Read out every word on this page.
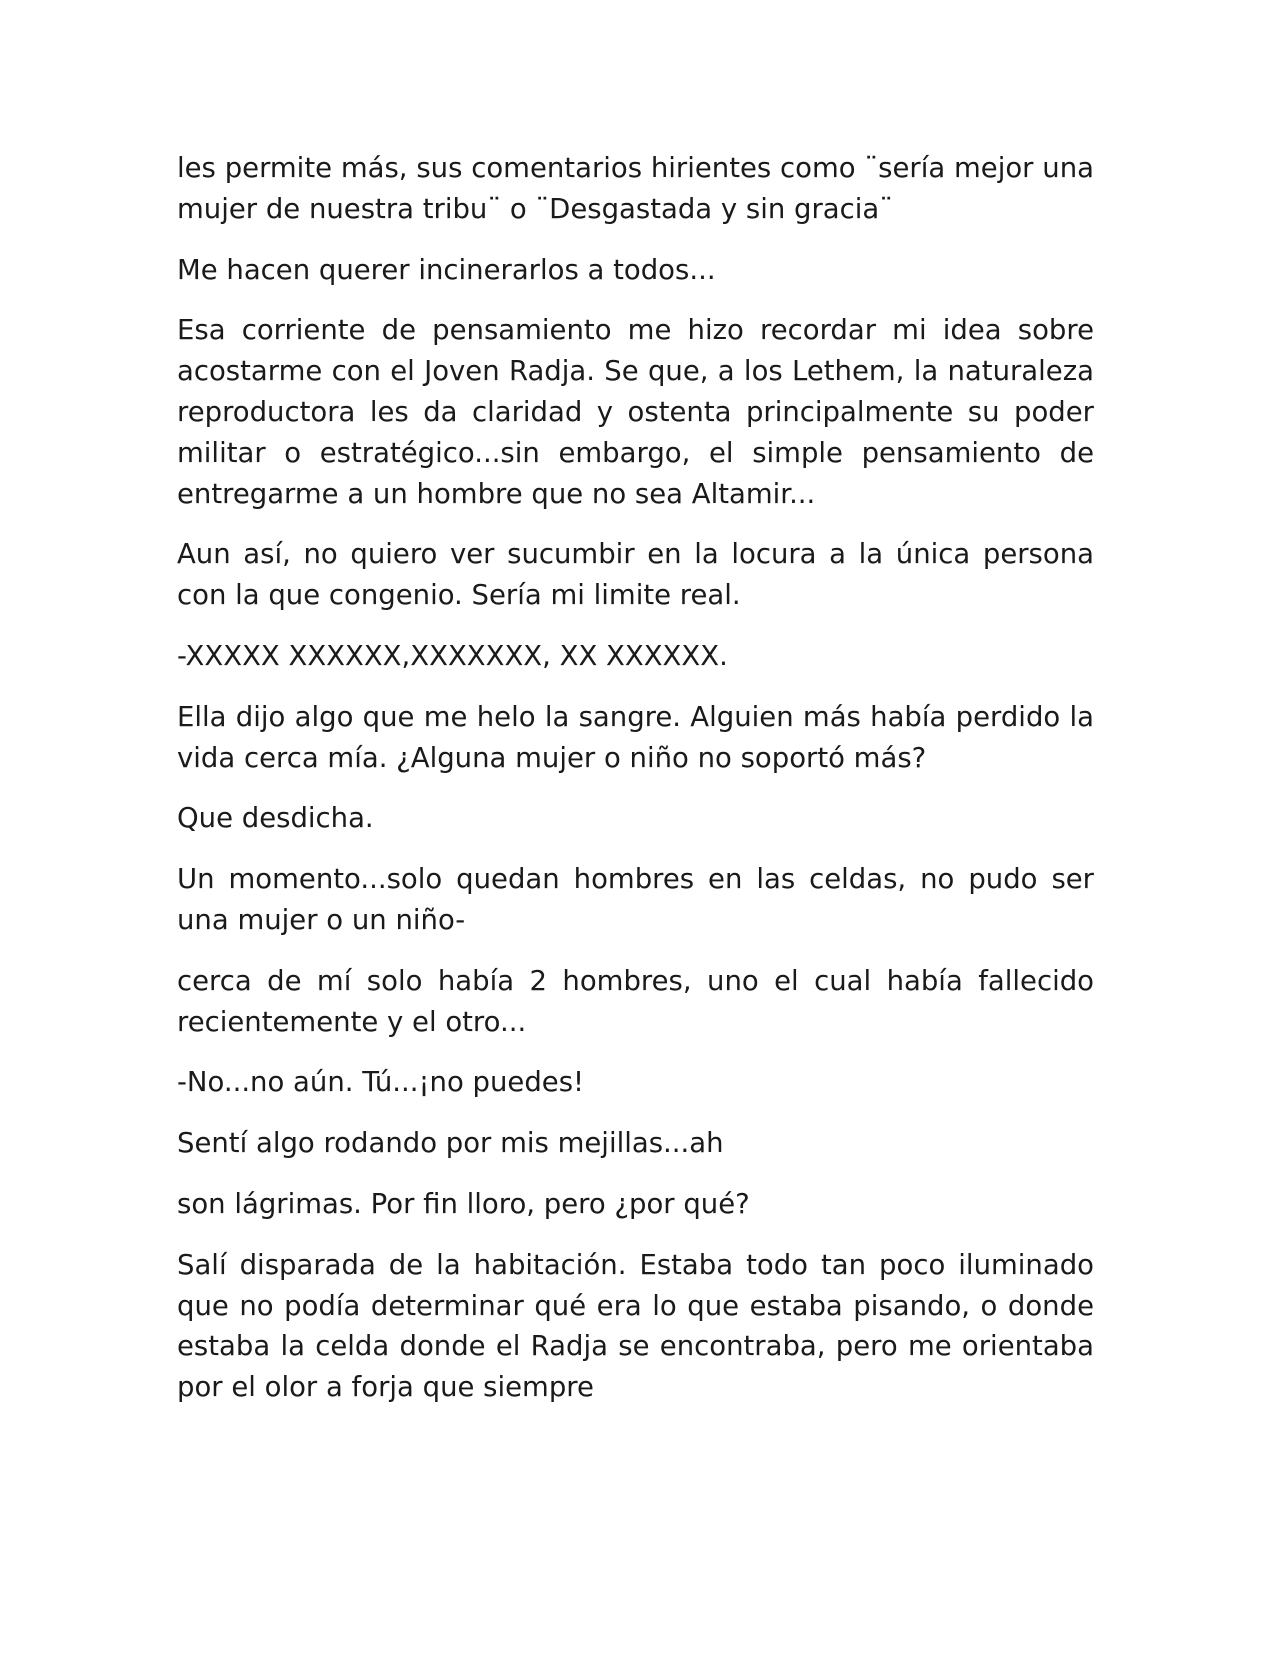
les permite más, sus comentarios hirientes como ¨sería mejor una mujer de nuestra tribu¨ o ¨Desgastada y sin gracia¨

Me hacen querer incinerarlos a todos...

Esa corriente de pensamiento me hizo recordar mi idea sobre acostarme con el Joven Radja. Se que, a los Lethem, la naturaleza reproductora les da claridad y ostenta principalmente su poder militar o estratégico...sin embargo, el simple pensamiento de entregarme a un hombre que no sea Altamir...

Aun así, no quiero ver sucumbir en la locura a la única persona con la que congenio. Sería mi limite real.

-XXXXX XXXXXX,XXXXXXX, XX XXXXXX.

Ella dijo algo que me helo la sangre. Alguien más había perdido la vida cerca mía. ¿Alguna mujer o niño no soportó más?

Que desdicha.

Un momento...solo quedan hombres en las celdas, no pudo ser una mujer o un niño-

cerca de mí solo había 2 hombres, uno el cual había fallecido recientemente y el otro...

-No...no aún. Tú...¡no puedes!

Sentí algo rodando por mis mejillas...ah

son lágrimas. Por fin lloro, pero ¿por qué?

Salí disparada de la habitación. Estaba todo tan poco iluminado que no podía determinar qué era lo que estaba pisando, o donde estaba la celda donde el Radja se encontraba, pero me orientaba por el olor a forja que siempre
